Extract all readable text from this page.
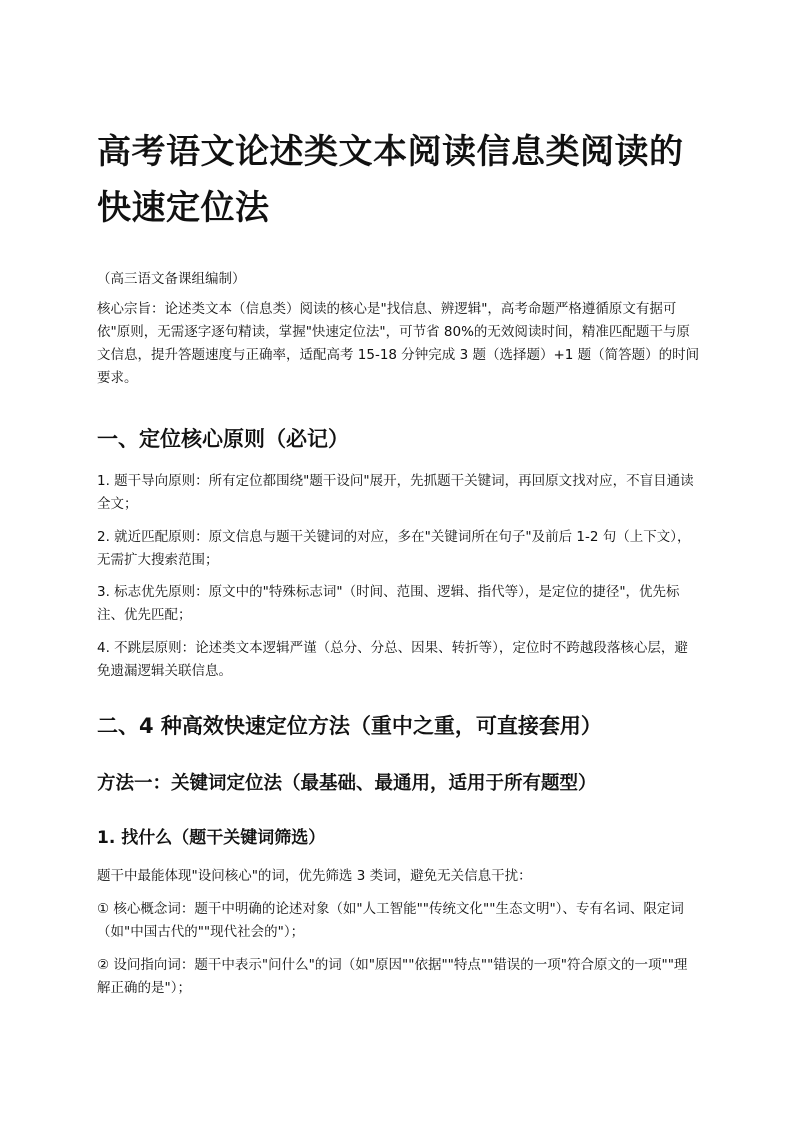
高考语文论述类文本阅读信息类阅读的快速定位法

（高三语文备课组编制）

核心宗旨：论述类文本（信息类）阅读的核心是"找信息、辨逻辑"，高考命题严格遵循原文有据可依"原则，无需逐字逐句精读，掌握"快速定位法"，可节省 80%的无效阅读时间，精准匹配题干与原文信息，提升答题速度与正确率，适配高考 15-18 分钟完成 3 题（选择题）+1 题（简答题）的时间要求。

一、定位核心原则（必记）

1. 题干导向原则：所有定位都围绕"题干设问"展开，先抓题干关键词，再回原文找对应，不盲目通读全文；

2. 就近匹配原则：原文信息与题干关键词的对应，多在"关键词所在句子"及前后 1-2 句（上下文），无需扩大搜索范围；

3. 标志优先原则：原文中的"特殊标志词"（时间、范围、逻辑、指代等），是定位的捷径"，优先标注、优先匹配；

4. 不跳层原则：论述类文本逻辑严谨（总分、分总、因果、转折等），定位时不跨越段落核心层，避免遗漏逻辑关联信息。

二、4 种高效快速定位方法（重中之重，可直接套用）
方法一：关键词定位法（最基础、最通用，适用于所有题型）
1. 找什么（题干关键词筛选）

题干中最能体现"设问核心"的词，优先筛选 3 类词，避免无关信息干扰：

① 核心概念词：题干中明确的论述对象（如"人工智能""传统文化""生态文明"）、专有名词、限定词（如"中国古代的""现代社会的"）；

② 设问指向词：题干中表示"问什么"的词（如"原因""依据""特点""错误的一项"符合原文的一项""理解正确的是"）；
